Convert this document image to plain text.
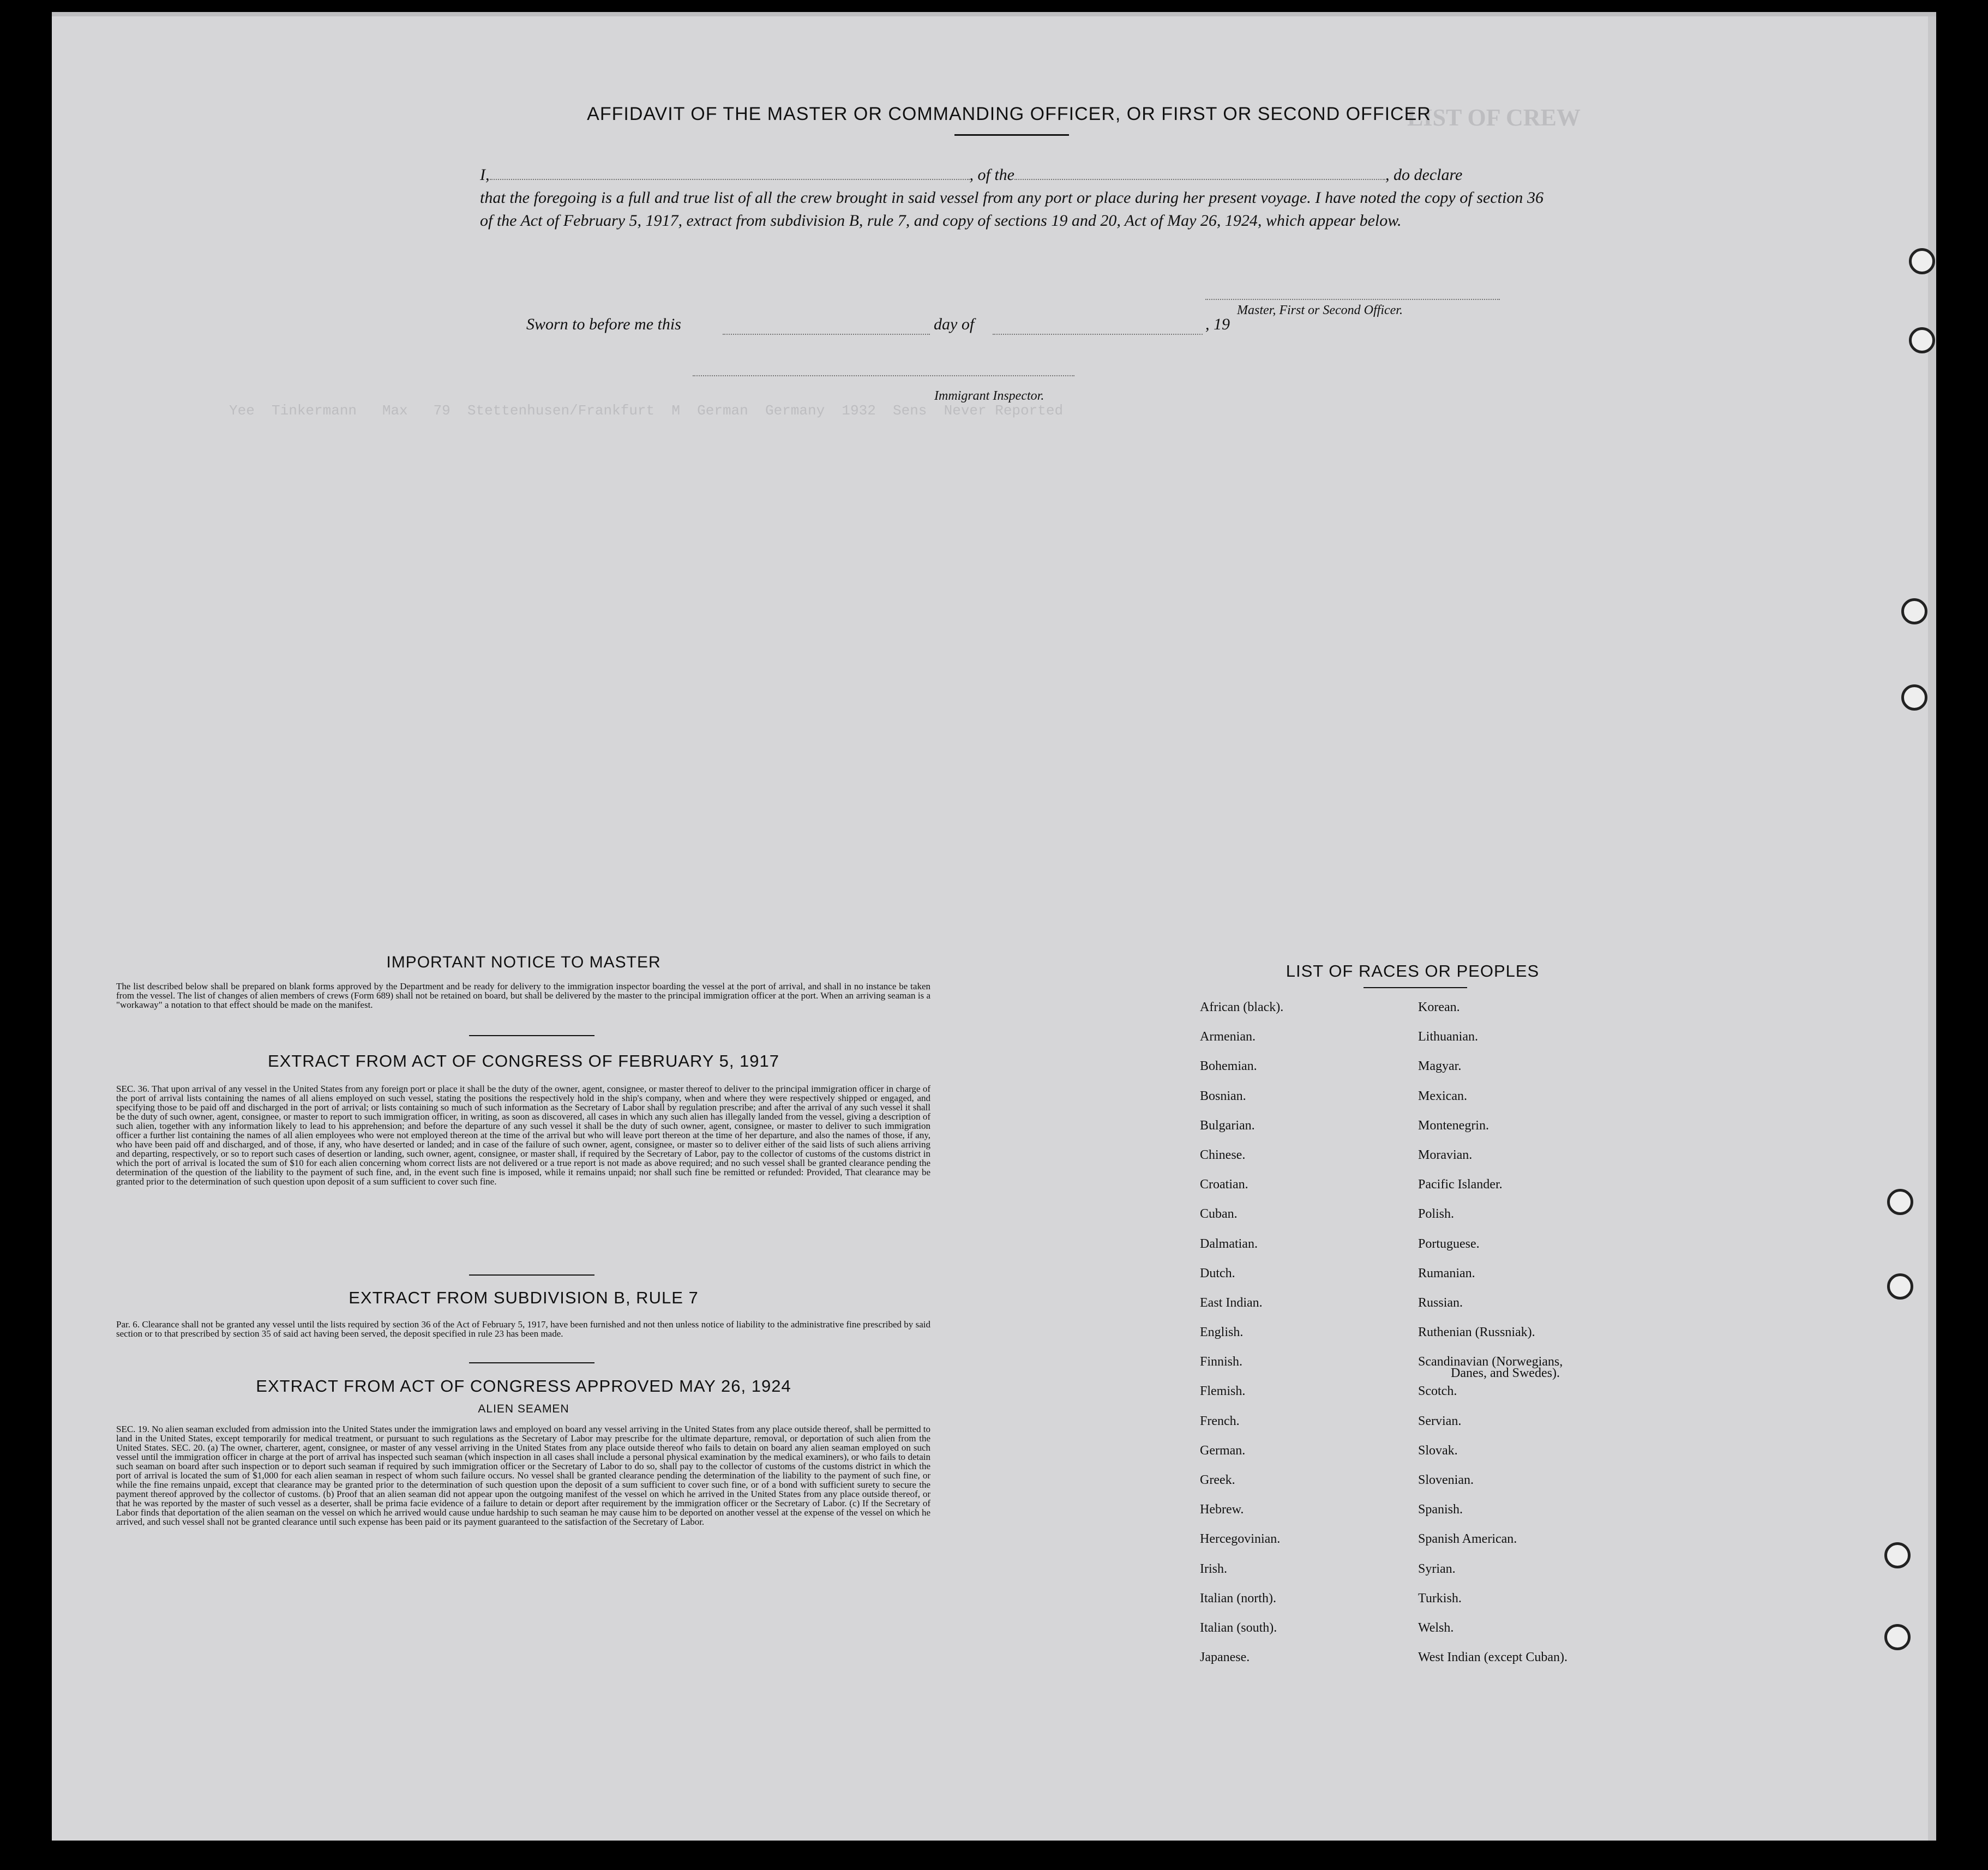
LIST OF CREW
Yee  Tinkermann   Max   79  Stettenhusen/Frankfurt  M  German  Germany  1932  Sens  Never Reported
AFFIDAVIT OF THE MASTER OR COMMANDING OFFICER, OR FIRST OR SECOND OFFICER
I,	, of the	, do declare
that the foregoing is a full and true list of all the crew brought in said vessel from any port or place during her present voyage. I have noted the copy of section 36 of the Act of February 5, 1917, extract from subdivision B, rule 7, and copy of sections 19 and 20, Act of May 26, 1924, which appear below.
Master, First or Second Officer.
Sworn to before me this	day of	, 19
Immigrant Inspector.
IMPORTANT NOTICE TO MASTER
The list described below shall be prepared on blank forms approved by the Department and be ready for delivery to the immigration inspector boarding the vessel at the port of arrival, and shall in no instance be taken from the vessel. The list of changes of alien members of crews (Form 689) shall not be retained on board, but shall be delivered by the master to the principal immigration officer at the port. When an arriving seaman is a "workaway" a notation to that effect should be made on the manifest.
EXTRACT FROM ACT OF CONGRESS OF FEBRUARY 5, 1917
SEC. 36. That upon arrival of any vessel in the United States from any foreign port or place it shall be the duty of the owner, agent, consignee, or master thereof to deliver to the principal immigration officer in charge of the port of arrival lists containing the names of all aliens employed on such vessel, stating the positions the respectively hold in the ship's company, when and where they were respectively shipped or engaged, and specifying those to be paid off and discharged in the port of arrival; or lists containing so much of such information as the Secretary of Labor shall by regulation prescribe; and after the arrival of any such vessel it shall be the duty of such owner, agent, consignee, or master to report to such immigration officer, in writing, as soon as discovered, all cases in which any such alien has illegally landed from the vessel, giving a description of such alien, together with any information likely to lead to his apprehension; and before the departure of any such vessel it shall be the duty of such owner, agent, consignee, or master to deliver to such immigration officer a further list containing the names of all alien employees who were not employed thereon at the time of the arrival but who will leave port thereon at the time of her departure, and also the names of those, if any, who have been paid off and discharged, and of those, if any, who have deserted or landed; and in case of the failure of such owner, agent, consignee, or master so to deliver either of the said lists of such aliens arriving and departing, respectively, or so to report such cases of desertion or landing, such owner, agent, consignee, or master shall, if required by the Secretary of Labor, pay to the collector of customs of the customs district in which the port of arrival is located the sum of $10 for each alien concerning whom correct lists are not delivered or a true report is not made as above required; and no such vessel shall be granted clearance pending the determination of the question of the liability to the payment of such fine, and, in the event such fine is imposed, while it remains unpaid; nor shall such fine be remitted or refunded: Provided, That clearance may be granted prior to the determination of such question upon deposit of a sum sufficient to cover such fine.
EXTRACT FROM SUBDIVISION B, RULE 7
Par. 6. Clearance shall not be granted any vessel until the lists required by section 36 of the Act of February 5, 1917, have been furnished and not then unless notice of liability to the administrative fine prescribed by said section or to that prescribed by section 35 of said act having been served, the deposit specified in rule 23 has been made.
EXTRACT FROM ACT OF CONGRESS APPROVED MAY 26, 1924
ALIEN SEAMEN
SEC. 19. No alien seaman excluded from admission into the United States under the immigration laws and employed on board any vessel arriving in the United States from any place outside thereof, shall be permitted to land in the United States, except temporarily for medical treatment, or pursuant to such regulations as the Secretary of Labor may prescribe for the ultimate departure, removal, or deportation of such alien from the United States. SEC. 20. (a) The owner, charterer, agent, consignee, or master of any vessel arriving in the United States from any place outside thereof who fails to detain on board any alien seaman employed on such vessel until the immigration officer in charge at the port of arrival has inspected such seaman (which inspection in all cases shall include a personal physical examination by the medical examiners), or who fails to detain such seaman on board after such inspection or to deport such seaman if required by such immigration officer or the Secretary of Labor to do so, shall pay to the collector of customs of the customs district in which the port of arrival is located the sum of $1,000 for each alien seaman in respect of whom such failure occurs. No vessel shall be granted clearance pending the determination of the liability to the payment of such fine, or while the fine remains unpaid, except that clearance may be granted prior to the determination of such question upon the deposit of a sum sufficient to cover such fine, or of a bond with sufficient surety to secure the payment thereof approved by the collector of customs. (b) Proof that an alien seaman did not appear upon the outgoing manifest of the vessel on which he arrived in the United States from any place outside thereof, or that he was reported by the master of such vessel as a deserter, shall be prima facie evidence of a failure to detain or deport after requirement by the immigration officer or the Secretary of Labor. (c) If the Secretary of Labor finds that deportation of the alien seaman on the vessel on which he arrived would cause undue hardship to such seaman he may cause him to be deported on another vessel at the expense of the vessel on which he arrived, and such vessel shall not be granted clearance until such expense has been paid or its payment guaranteed to the satisfaction of the Secretary of Labor.
LIST OF RACES OR PEOPLES
African (black).
Armenian.
Bohemian.
Bosnian.
Bulgarian.
Chinese.
Croatian.
Cuban.
Dalmatian.
Dutch.
East Indian.
English.
Finnish.
Flemish.
French.
German.
Greek.
Hebrew.
Hercegovinian.
Irish.
Italian (north).
Italian (south).
Japanese.
Korean.
Lithuanian.
Magyar.
Mexican.
Montenegrin.
Moravian.
Pacific Islander.
Polish.
Portuguese.
Rumanian.
Russian.
Ruthenian (Russniak).
Scandinavian (Norwegians,
Scotch.
Servian.
Slovak.
Slovenian.
Spanish.
Spanish American.
Syrian.
Turkish.
Welsh.
West Indian (except Cuban).
Danes, and Swedes).
